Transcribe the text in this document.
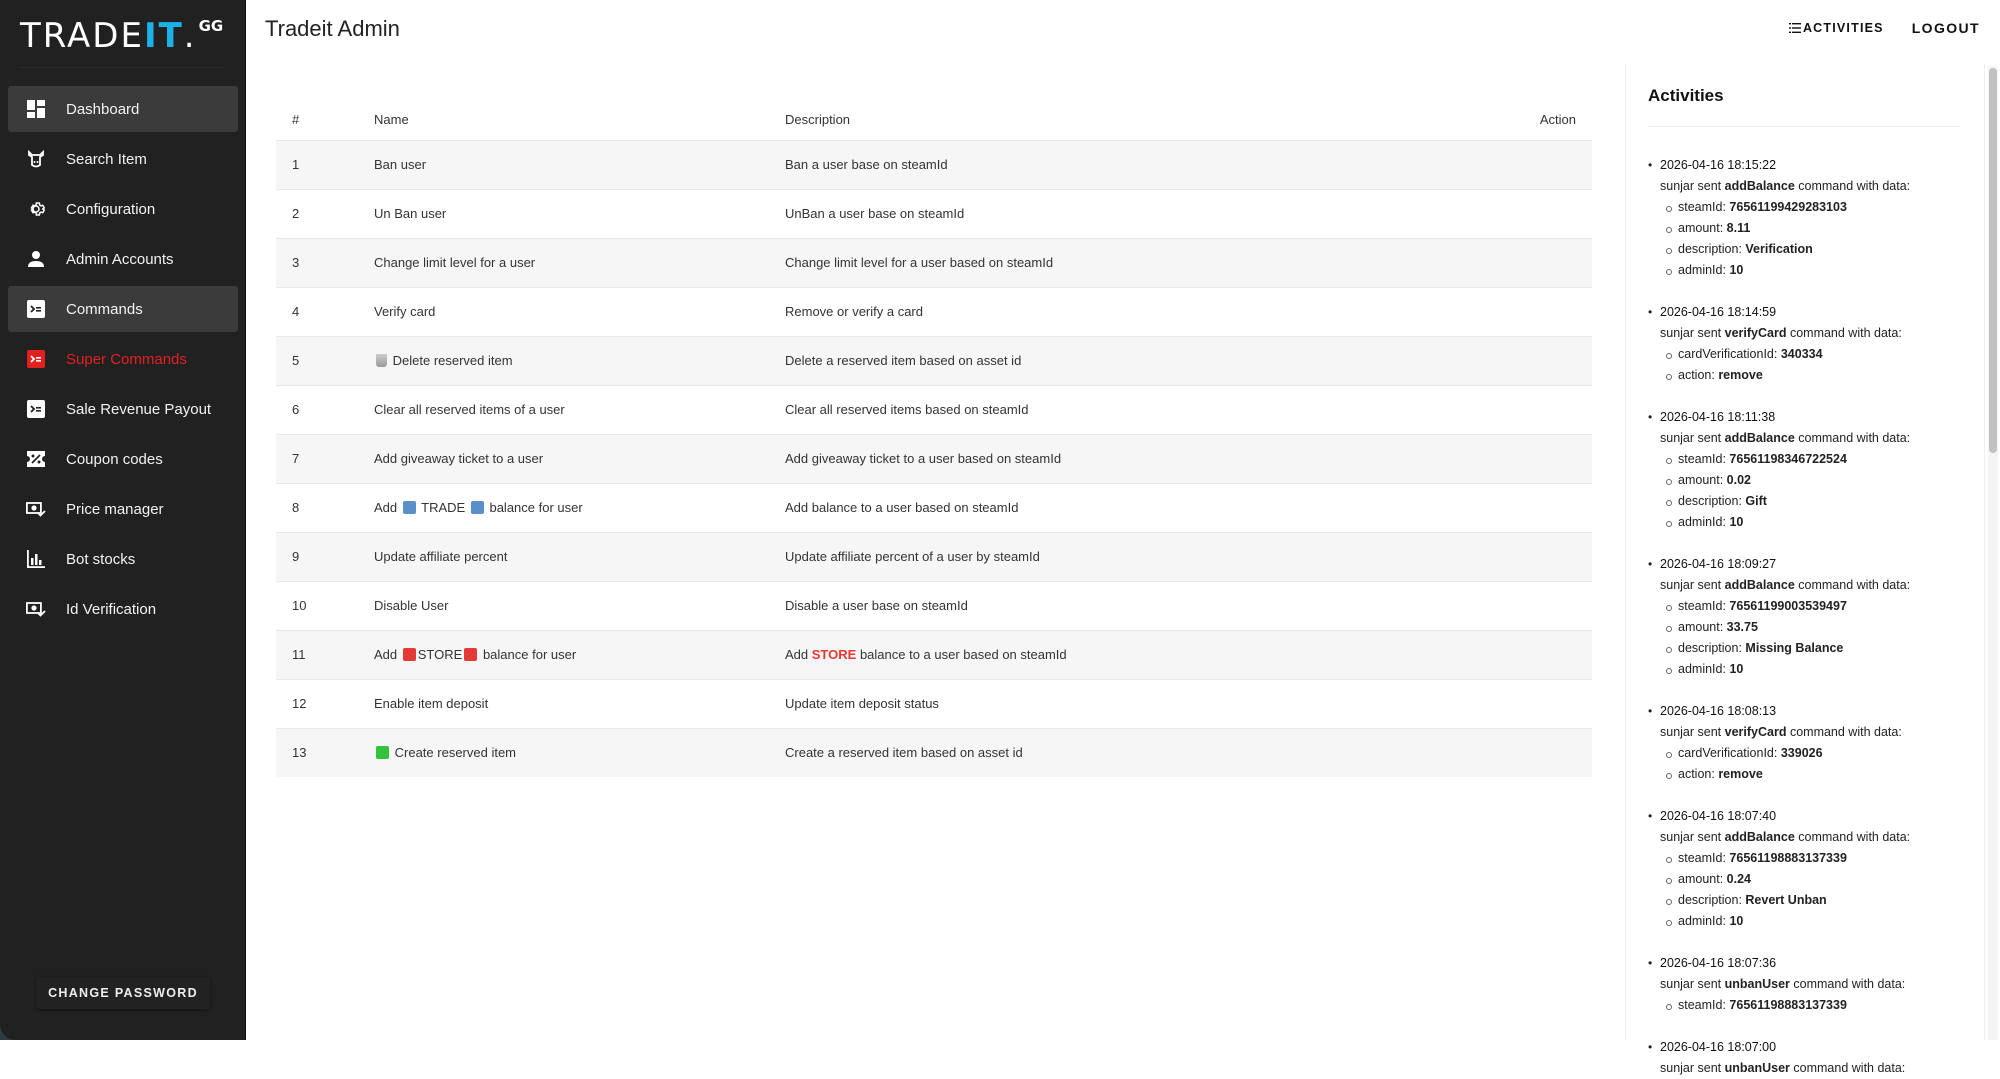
TRADE IT . GG
Dashboard
Search Item
Configuration
Admin Accounts
Commands
Super Commands
Sale Revenue Payout
Coupon codes
Price manager
Bot stocks
Id Verification
CHANGE PASSWORD
Tradeit Admin	ACTIVITIES LOGOUT
#	Name	Description	Action
1	Ban user	Ban a user base on steamId	
2	Un Ban user	UnBan a user base on steamId	
3	Change limit level for a user	Change limit level for a user based on steamId	
4	Verify card	Remove or verify a card	
5	Delete reserved item	Delete a reserved item based on asset id	
6	Clear all reserved items of a user	Clear all reserved items based on steamId	
7	Add giveaway ticket to a user	Add giveaway ticket to a user based on steamId	
8	Add TRADE balance for user	Add balance to a user based on steamId	
9	Update affiliate percent	Update affiliate percent of a user by steamId	
10	Disable User	Disable a user base on steamId	
11	Add STORE balance for user	Add STORE balance to a user based on steamId	
12	Enable item deposit	Update item deposit status	
13	Create reserved item	Create a reserved item based on asset id	
Activities
• 2026-04-16 18:15:22
sunjar sent addBalance command with data:
steamId: 76561199429283103
amount: 8.11
description: Verification
adminId: 10
• 2026-04-16 18:14:59
sunjar sent verifyCard command with data:
cardVerificationId: 340334
action: remove
• 2026-04-16 18:11:38
sunjar sent addBalance command with data:
steamId: 76561198346722524
amount: 0.02
description: Gift
adminId: 10
• 2026-04-16 18:09:27
sunjar sent addBalance command with data:
steamId: 76561199003539497
amount: 33.75
description: Missing Balance
adminId: 10
• 2026-04-16 18:08:13
sunjar sent verifyCard command with data:
cardVerificationId: 339026
action: remove
• 2026-04-16 18:07:40
sunjar sent addBalance command with data:
steamId: 76561198883137339
amount: 0.24
description: Revert Unban
adminId: 10
• 2026-04-16 18:07:36
sunjar sent unbanUser command with data:
steamId: 76561198883137339
• 2026-04-16 18:07:00
sunjar sent unbanUser command with data:
